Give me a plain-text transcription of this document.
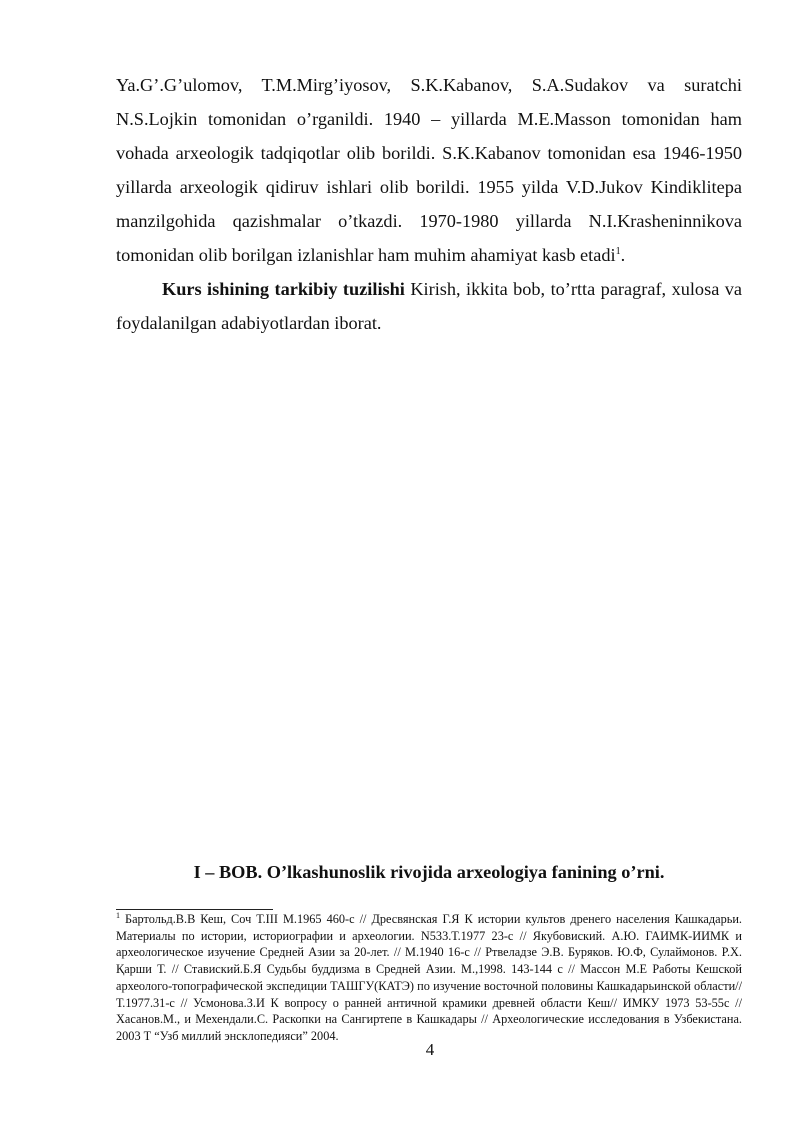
Ya.G’.G’ulomov, T.M.Mirg’iyosov, S.K.Kabanov, S.A.Sudakov va suratchi N.S.Lojkin tomonidan o’rganildi. 1940 – yillarda M.E.Masson tomonidan ham vohada arxeologik tadqiqotlar olib borildi. S.K.Kabanov tomonidan esa 1946-1950 yillarda arxeologik qidiruv ishlari olib borildi. 1955 yilda V.D.Jukov Kindiklitepa manzilgohida qazishmalar o’tkazdi. 1970-1980 yillarda N.I.Krasheninnikova tomonidan olib borilgan izlanishlar ham muhim ahamiyat kasb etadi$^1$.

Kurs ishining tarkibiy tuzilishi Kirish, ikkita bob, to’rtta paragraf, xulosa va foydalanilgan adabiyotlardan iborat.

I – BOB. O’lkashunoslik rivojida arxeologiya fanining o’rni.

$^1$ Бартольд.В.В Кеш, Соч Т.III М.1965 460-с // Дресвянская Г.Я К истории культов дренего населения Кашкадарьи. Материалы по истории, историографии и археологии. N533.Т.1977 23-с // Якубовиский. А.Ю. ГАИМК-ИИМК и археологическое изучение Средней Азии за 20-лет. // М.1940 16-с // Ртвеладзе Э.В. Буряков. Ю.Ф, Сулаймонов. Р.Х. Қарши Т. // Ставиский.Б.Я Судьбы буддизма в Средней Азии. М.,1998. 143-144 с // Массон М.Е Работы Кешской археолого-топографической экспедиции ТАШГУ(КАТЭ) по изучение восточной половины Кашкадарьинской области// Т.1977.31-с // Усмонова.З.И К вопросу о ранней античной крамики древней области Кеш// ИМКУ 1973 53-55с // Хасанов.М., и Мехендали.С. Раскопки на Сангиртепе в Кашкадары // Археологические исследования в Узбекистана. 2003 Т “Узб миллий энсклопедияси” 2004.

4
